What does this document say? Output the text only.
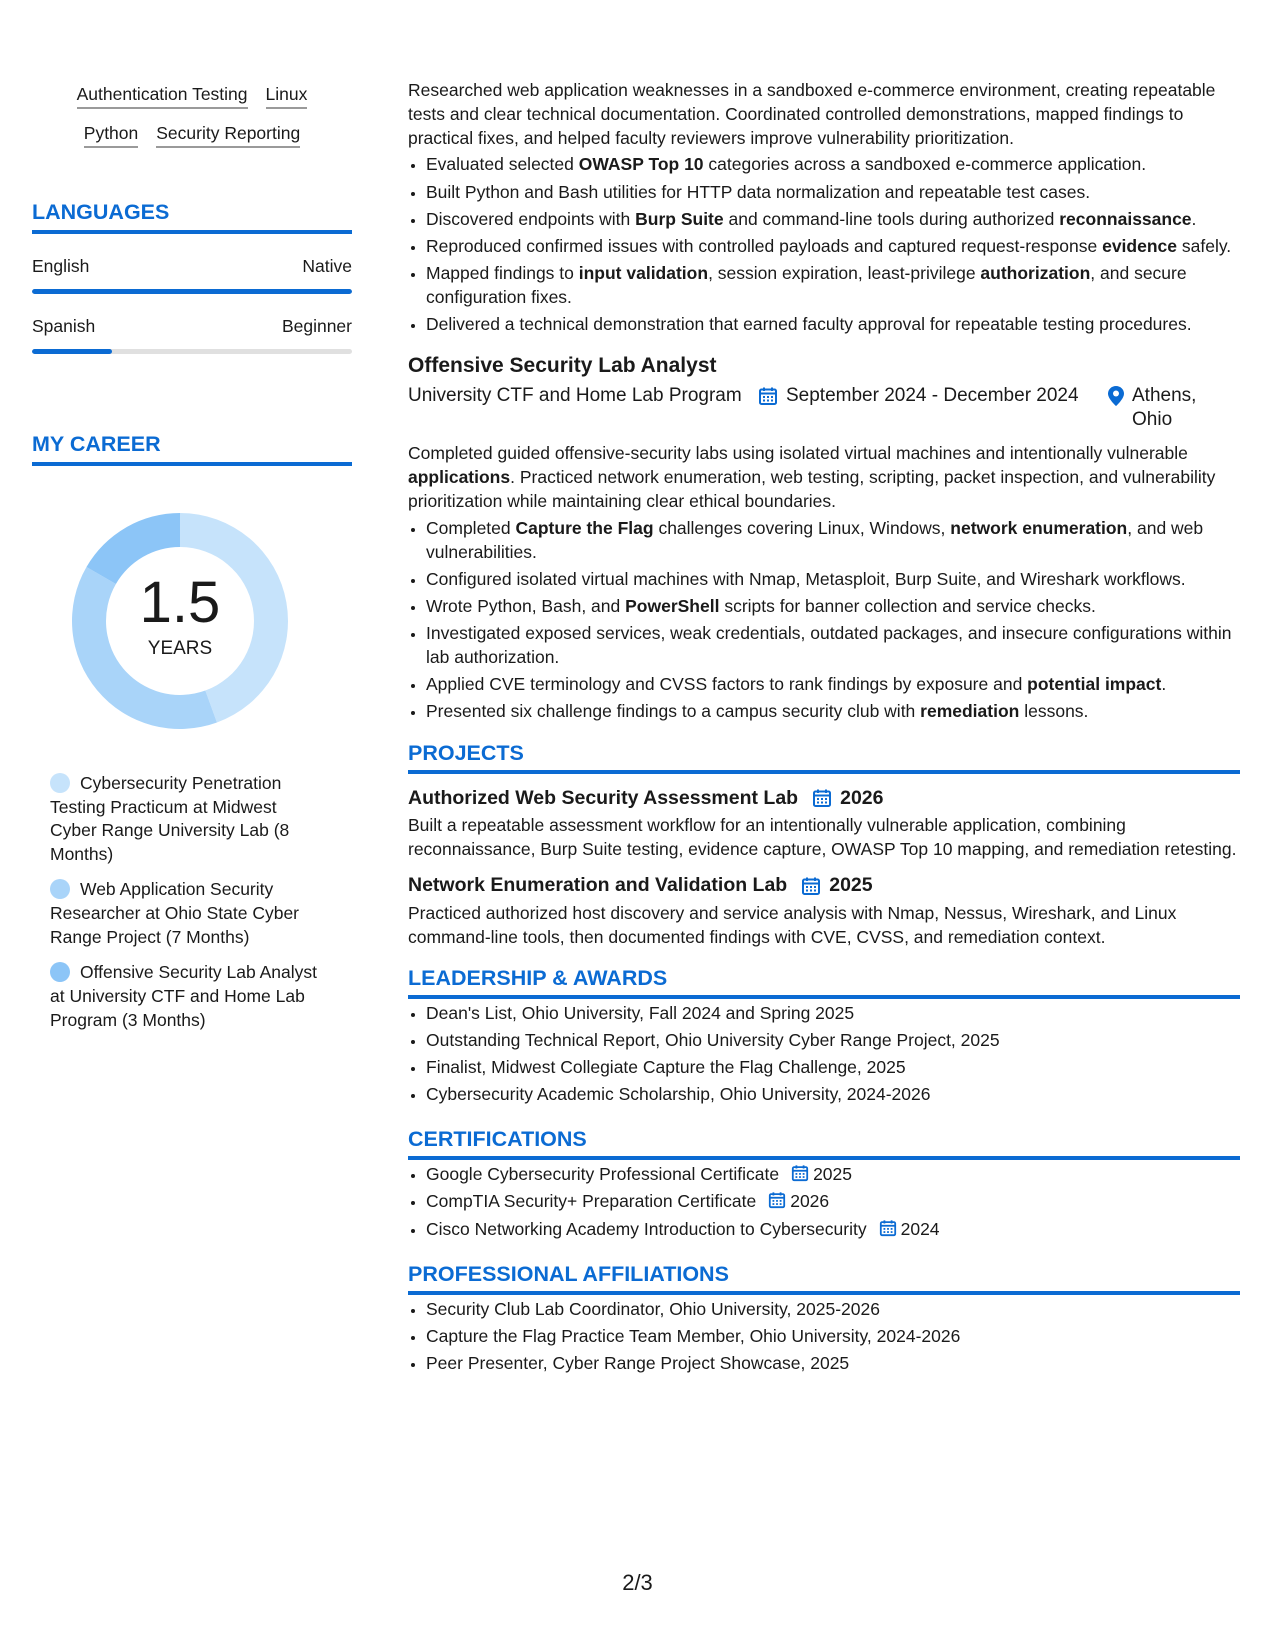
Authentication Testing Linux
Python Security Reporting
LANGUAGES
English	Native
Spanish	Beginner
MY CAREER
1.5
YEARS
Cybersecurity Penetration Testing Practicum at Midwest Cyber Range University Lab (8 Months)
Web Application Security Researcher at Ohio State Cyber Range Project (7 Months)
Offensive Security Lab Analyst at University CTF and Home Lab Program (3 Months)

Researched web application weaknesses in a sandboxed e-commerce environment, creating repeatable tests and clear technical documentation. Coordinated controlled demonstrations, mapped findings to practical fixes, and helped faculty reviewers improve vulnerability prioritization.

• Evaluated selected OWASP Top 10 categories across a sandboxed e-commerce application.
• Built Python and Bash utilities for HTTP data normalization and repeatable test cases.
• Discovered endpoints with Burp Suite and command-line tools during authorized reconnaissance.
• Reproduced confirmed issues with controlled payloads and captured request-response evidence safely.
• Mapped findings to input validation, session expiration, least-privilege authorization, and secure configuration fixes.
• Delivered a technical demonstration that earned faculty approval for repeatable testing procedures.
Offensive Security Lab Analyst
University CTF and Home Lab Program September 2024 - December 2024	Athens, Ohio

Completed guided offensive-security labs using isolated virtual machines and intentionally vulnerable applications. Practiced network enumeration, web testing, scripting, packet inspection, and vulnerability prioritization while maintaining clear ethical boundaries.

• Completed Capture the Flag challenges covering Linux, Windows, network enumeration, and web vulnerabilities.
• Configured isolated virtual machines with Nmap, Metasploit, Burp Suite, and Wireshark workflows.
• Wrote Python, Bash, and PowerShell scripts for banner collection and service checks.
• Investigated exposed services, weak credentials, outdated packages, and insecure configurations within lab authorization.
• Applied CVE terminology and CVSS factors to rank findings by exposure and potential impact.
• Presented six challenge findings to a campus security club with remediation lessons.
PROJECTS
Authorized Web Security Assessment Lab 2026

Built a repeatable assessment workflow for an intentionally vulnerable application, combining reconnaissance, Burp Suite testing, evidence capture, OWASP Top 10 mapping, and remediation retesting.

Network Enumeration and Validation Lab 2025

Practiced authorized host discovery and service analysis with Nmap, Nessus, Wireshark, and Linux command-line tools, then documented findings with CVE, CVSS, and remediation context.

LEADERSHIP & AWARDS
• Dean's List, Ohio University, Fall 2024 and Spring 2025
• Outstanding Technical Report, Ohio University Cyber Range Project, 2025
• Finalist, Midwest Collegiate Capture the Flag Challenge, 2025
• Cybersecurity Academic Scholarship, Ohio University, 2024-2026
CERTIFICATIONS
• Google Cybersecurity Professional Certificate 2025
• CompTIA Security+ Preparation Certificate 2026
• Cisco Networking Academy Introduction to Cybersecurity 2024
PROFESSIONAL AFFILIATIONS
• Security Club Lab Coordinator, Ohio University, 2025-2026
• Capture the Flag Practice Team Member, Ohio University, 2024-2026
• Peer Presenter, Cyber Range Project Showcase, 2025
2/3
